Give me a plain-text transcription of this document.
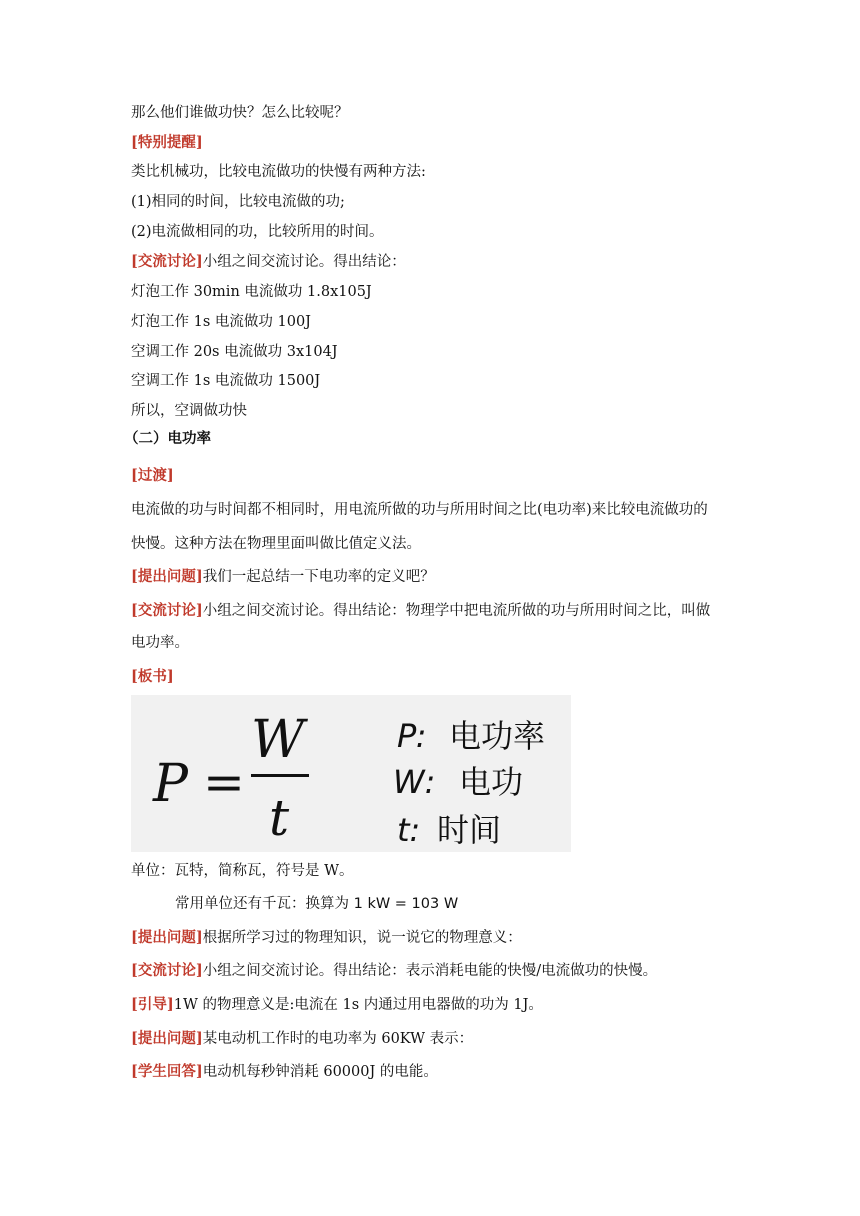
那么他们谁做功快？怎么比较呢？
[特别提醒]
类比机械功，比较电流做功的快慢有两种方法:
(1)相同的时间，比较电流做的功;
(2)电流做相同的功，比较所用的时间。
[交流讨论]小组之间交流讨论。得出结论：
灯泡工作 30min 电流做功 1.8x105J
灯泡工作 1s 电流做功 100J
空调工作 20s 电流做功 3x104J
空调工作 1s 电流做功 1500J
所以，空调做功快
（二）电功率
[过渡]
电流做的功与时间都不相同时，用电流所做的功与所用时间之比(电功率)来比较电流做功的
快慢。这种方法在物理里面叫做比值定义法。
[提出问题]我们一起总结一下电功率的定义吧？
[交流讨论]小组之间交流讨论。得出结论：物理学中把电流所做的功与所用时间之比，叫做
电功率。
[板书]
P =
W
t
P: 电功率
W: 电功
t: 时间
单位：瓦特，简称瓦，符号是 W。
常用单位还有千瓦：换算为 1 kW = 103 W
[提出问题]根据所学习过的物理知识，说一说它的物理意义：
[交流讨论]小组之间交流讨论。得出结论：表示消耗电能的快慢/电流做功的快慢。
[引导]1W 的物理意义是:电流在 1s 内通过用电器做的功为 1J。
[提出问题]某电动机工作时的电功率为 60KW 表示：
[学生回答]电动机每秒钟消耗 60000J 的电能。
